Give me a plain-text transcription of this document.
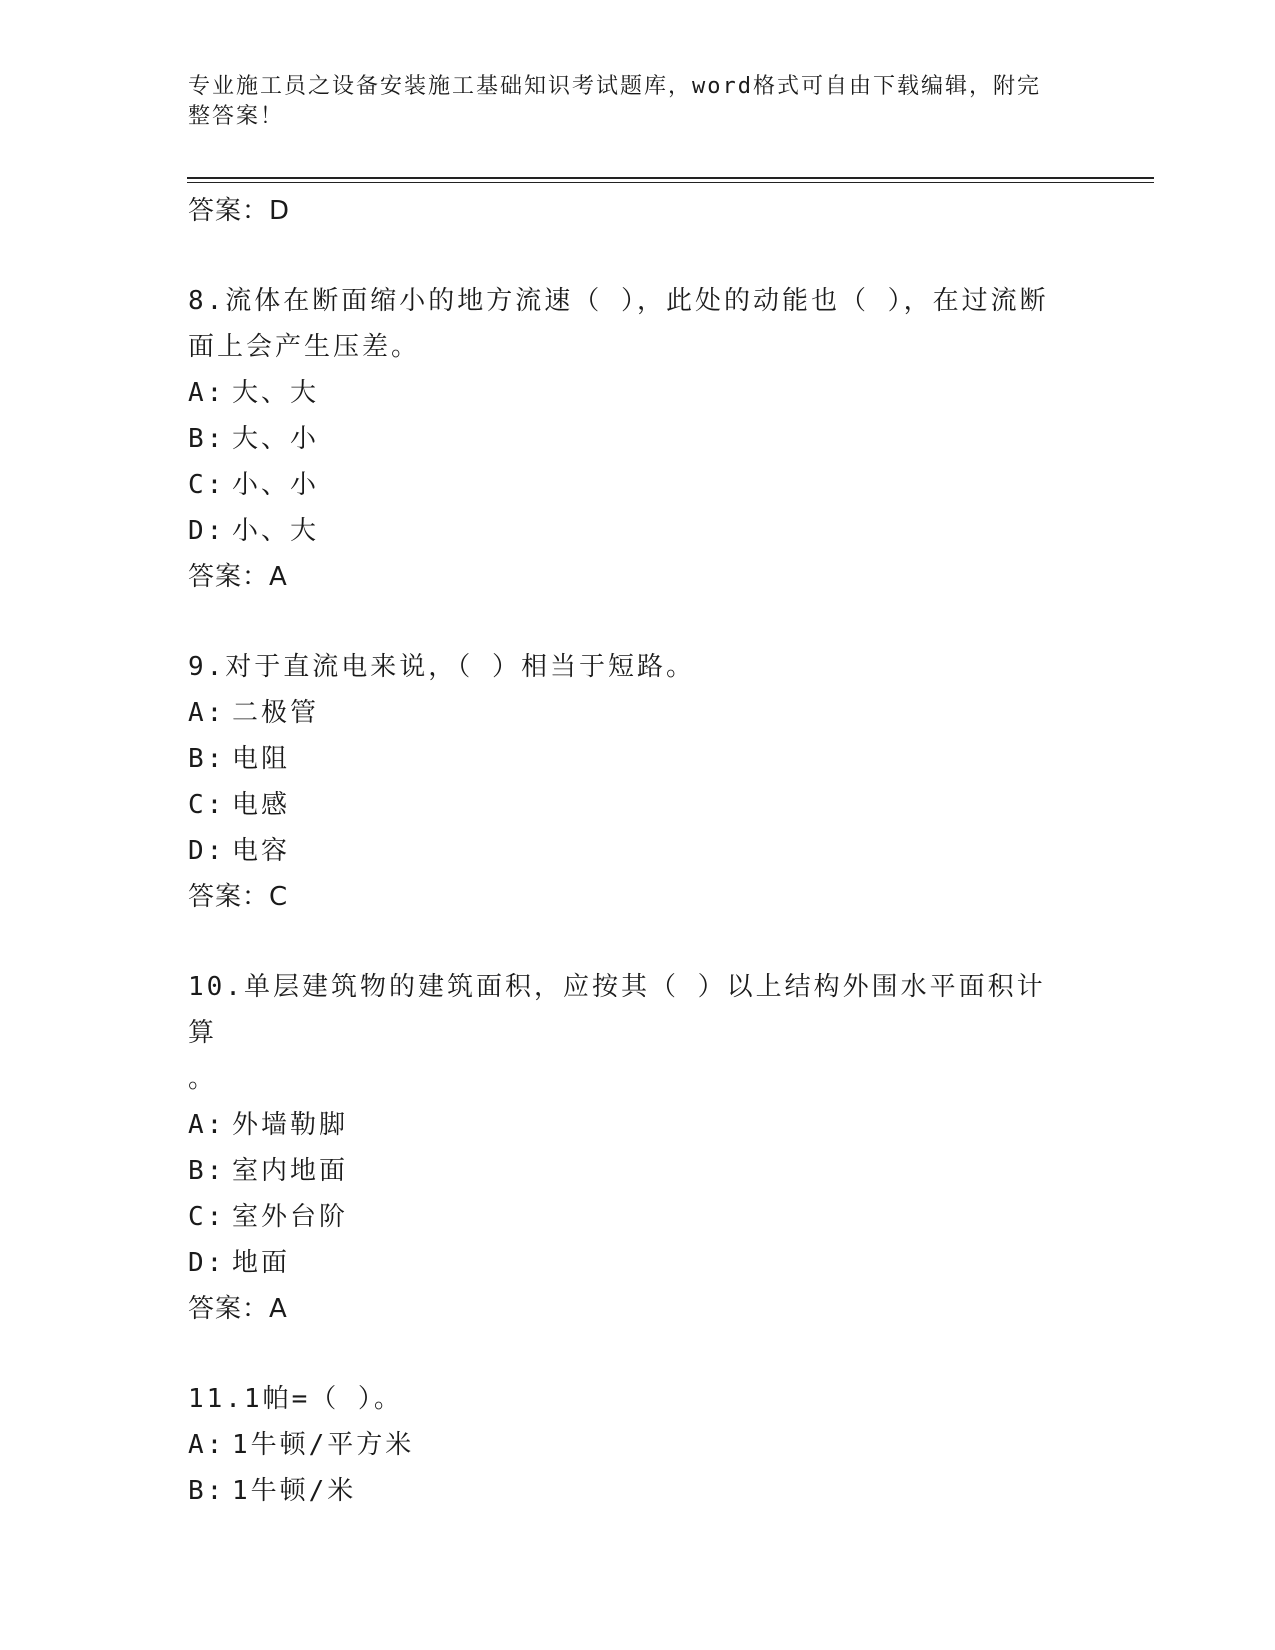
专业施工员之设备安装施工基础知识考试题库，word格式可自由下载编辑，附完
整答案！

答案：D

8.流体在断面缩小的地方流速（ ），此处的动能也（ ），在过流断
面上会产生压差。

A: 大、大

B: 大、小

C: 小、小

D: 小、大

答案：A

9.对于直流电来说，（ ）相当于短路。

A: 二极管

B: 电阻

C: 电感

D: 电容

答案：C

10.单层建筑物的建筑面积，应按其（ ）以上结构外围水平面积计算
。

A: 外墙勒脚

B: 室内地面

C: 室外台阶

D: 地面

答案：A

11.1帕=（ ）。

A: 1牛顿/平方米

B: 1牛顿/米
